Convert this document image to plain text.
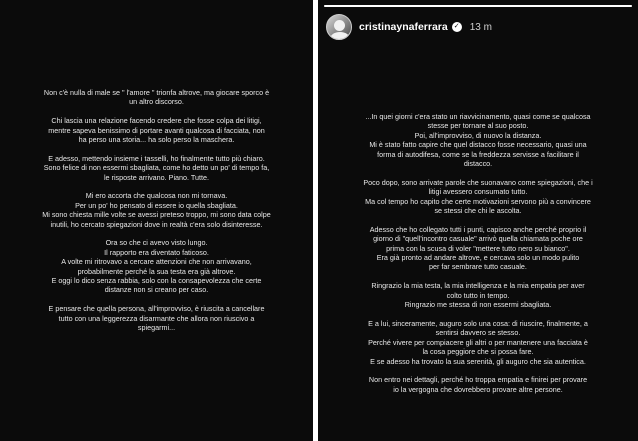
Non c'è nulla di male se " l'amore " trionfa altrove, ma giocare sporco è
un altro discorso.

Chi lascia una relazione facendo credere che fosse colpa dei litigi,
mentre sapeva benissimo di portare avanti qualcosa di facciata, non
ha perso una storia... ha solo perso la maschera.

E adesso, mettendo insieme i tasselli, ho finalmente tutto più chiaro.
Sono felice di non essermi sbagliata, come ho detto un po' di tempo fa,
le risposte arrivano. Piano. Tutte.

Mi ero accorta che qualcosa non mi tornava.
Per un po' ho pensato di essere io quella sbagliata.
Mi sono chiesta mille volte se avessi preteso troppo, mi sono data colpe
inutili, ho cercato spiegazioni dove in realtà c'era solo disinteresse.

Ora so che ci avevo visto lungo.
Il rapporto era diventato faticoso.
A volte mi ritrovavo a cercare attenzioni che non arrivavano,
probabilmente perché la sua testa era già altrove.
E oggi lo dico senza rabbia, solo con la consapevolezza che certe
distanze non si creano per caso.

E pensare che quella persona, all'improvviso, è riuscita a cancellare
tutto con una leggerezza disarmante che allora non riuscivo a
spiegarmi...

cristinaynaferrara ✓ 13 m

...In quei giorni c'era stato un riavvicinamento, quasi come se qualcosa
stesse per tornare al suo posto.
Poi, all'improvviso, di nuovo la distanza.
Mi è stato fatto capire che quel distacco fosse necessario, quasi una
forma di autodifesa, come se la freddezza servisse a facilitare il
distacco.

Poco dopo, sono arrivate parole che suonavano come spiegazioni, che i
litigi avessero consumato tutto.
Ma col tempo ho capito che certe motivazioni servono più a convincere
se stessi che chi le ascolta.

Adesso che ho collegato tutti i punti, capisco anche perché proprio il
giorno di "quell'incontro casuale" arrivò quella chiamata poche ore
prima con la scusa di voler "mettere tutto nero su bianco".
Era già pronto ad andare altrove, e cercava solo un modo pulito
per far sembrare tutto casuale.

Ringrazio la mia testa, la mia intelligenza e la mia empatia per aver
colto tutto in tempo.
Ringrazio me stessa di non essermi sbagliata.

E a lui, sinceramente, auguro solo una cosa: di riuscire, finalmente, a
sentirsi davvero se stesso.
Perché vivere per compiacere gli altri o per mantenere una facciata è
la cosa peggiore che si possa fare.
E se adesso ha trovato la sua serenità, gli auguro che sia autentica.

Non entro nei dettagli, perché ho troppa empatia e finirei per provare
io la vergogna che dovrebbero provare altre persone.
